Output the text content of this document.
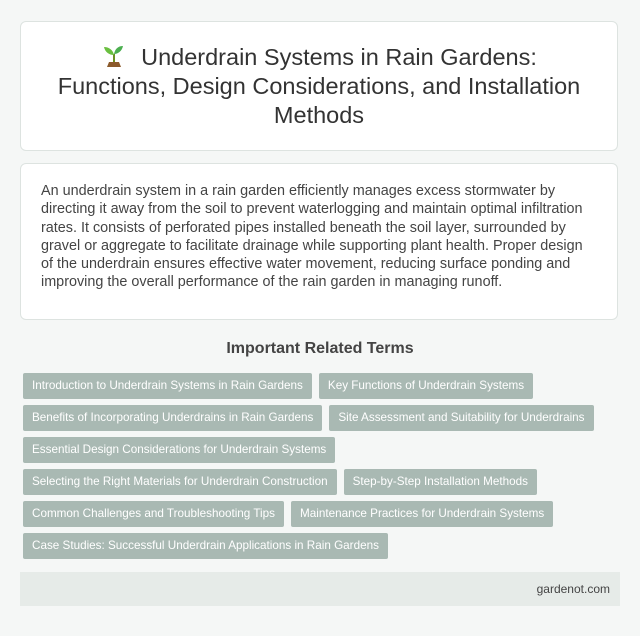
Underdrain Systems in Rain Gardens: Functions, Design Considerations, and Installation Methods

An underdrain system in a rain garden efficiently manages excess stormwater by directing it away from the soil to prevent waterlogging and maintain optimal infiltration rates. It consists of perforated pipes installed beneath the soil layer, surrounded by gravel or aggregate to facilitate drainage while supporting plant health. Proper design of the underdrain ensures effective water movement, reducing surface ponding and improving the overall performance of the rain garden in managing runoff.

Important Related Terms
Introduction to Underdrain Systems in Rain Gardens	Key Functions of Underdrain Systems
Benefits of Incorporating Underdrains in Rain Gardens	Site Assessment and Suitability for Underdrains
Essential Design Considerations for Underdrain Systems
Selecting the Right Materials for Underdrain Construction	Step-by-Step Installation Methods
Common Challenges and Troubleshooting Tips	Maintenance Practices for Underdrain Systems
Case Studies: Successful Underdrain Applications in Rain Gardens
gardenot.com
